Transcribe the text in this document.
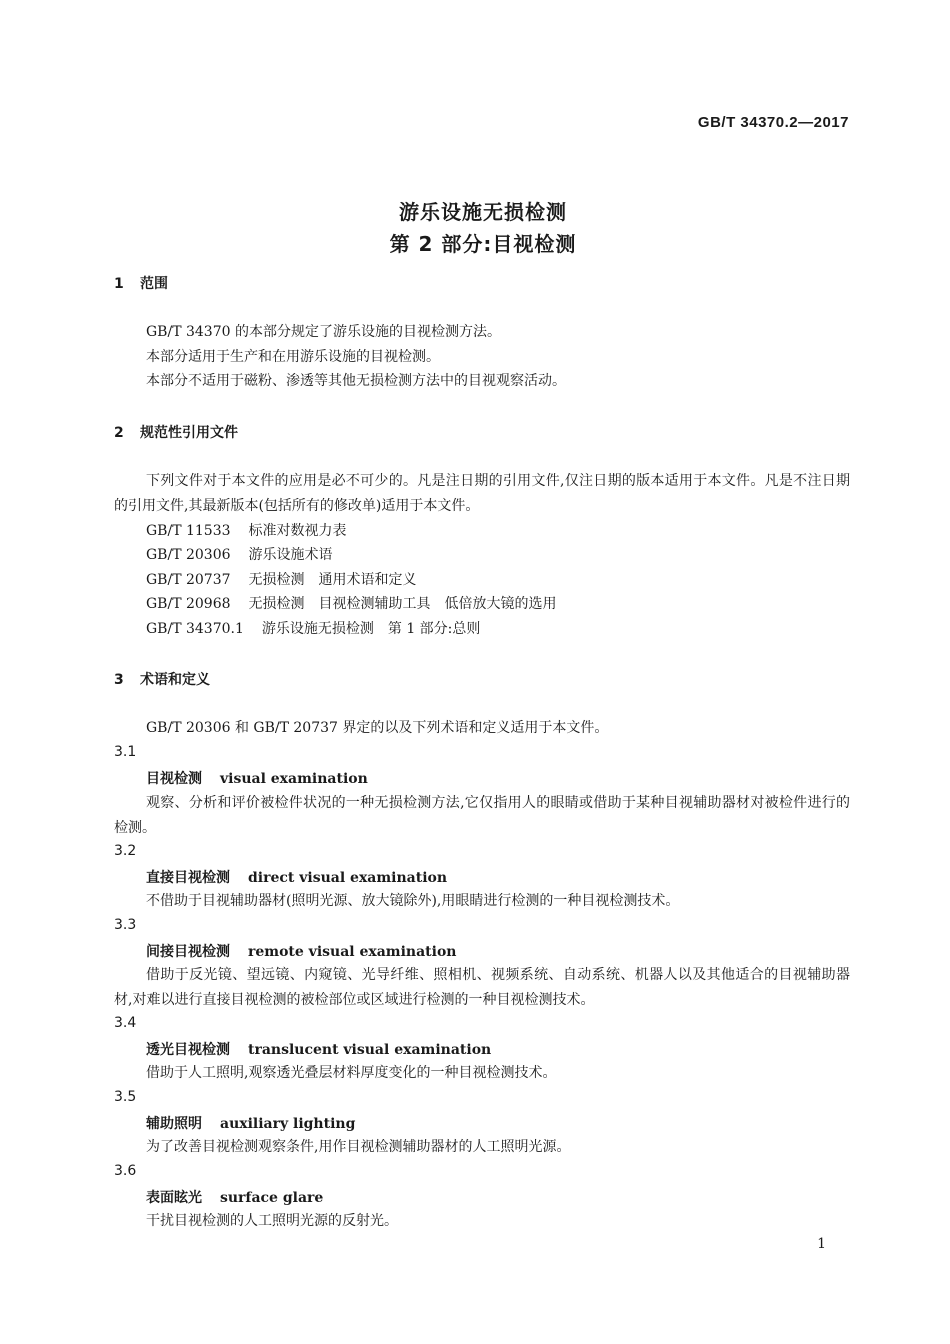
GB/T 34370.2—2017
游乐设施无损检测
第 2 部分:目视检测
1 范围
GB/T 34370 的本部分规定了游乐设施的目视检测方法。
本部分适用于生产和在用游乐设施的目视检测。
本部分不适用于磁粉、渗透等其他无损检测方法中的目视观察活动。
2 规范性引用文件
下列文件对于本文件的应用是必不可少的。凡是注日期的引用文件,仅注日期的版本适用于本文件。凡是不注日期的引用文件,其最新版本(包括所有的修改单)适用于本文件。
GB/T 11533 标准对数视力表
GB/T 20306 游乐设施术语
GB/T 20737 无损检测　通用术语和定义
GB/T 20968 无损检测　目视检测辅助工具　低倍放大镜的选用
GB/T 34370.1 游乐设施无损检测　第 1 部分:总则
3 术语和定义
GB/T 20306 和 GB/T 20737 界定的以及下列术语和定义适用于本文件。
3.1
目视检测 visual examination
观察、分析和评价被检件状况的一种无损检测方法,它仅指用人的眼睛或借助于某种目视辅助器材对被检件进行的检测。
3.2
直接目视检测 direct visual examination
不借助于目视辅助器材(照明光源、放大镜除外),用眼睛进行检测的一种目视检测技术。
3.3
间接目视检测 remote visual examination
借助于反光镜、望远镜、内窥镜、光导纤维、照相机、视频系统、自动系统、机器人以及其他适合的目视辅助器材,对难以进行直接目视检测的被检部位或区域进行检测的一种目视检测技术。
3.4
透光目视检测 translucent visual examination
借助于人工照明,观察透光叠层材料厚度变化的一种目视检测技术。
3.5
辅助照明 auxiliary lighting
为了改善目视检测观察条件,用作目视检测辅助器材的人工照明光源。
3.6
表面眩光 surface glare
干扰目视检测的人工照明光源的反射光。
1
